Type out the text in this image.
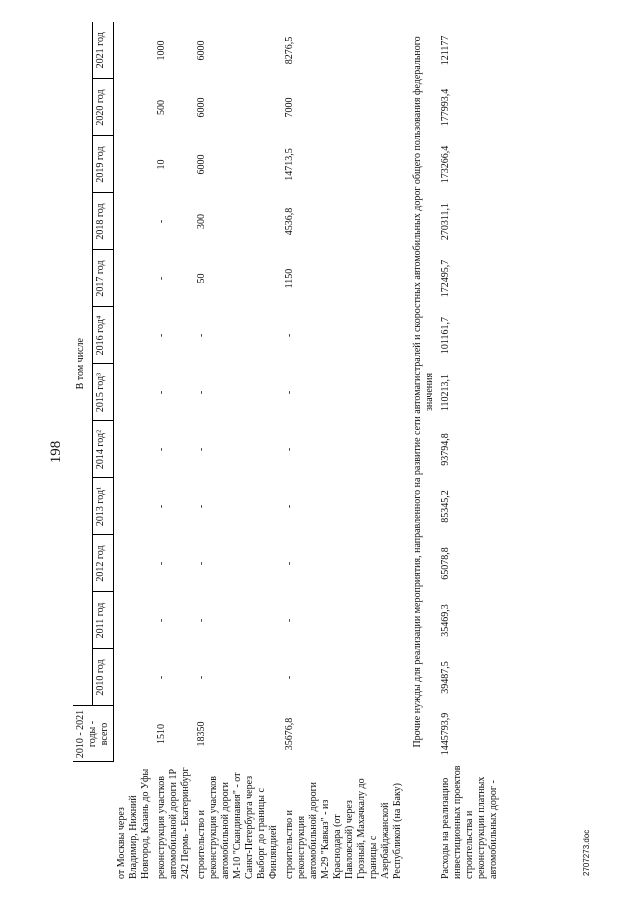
198
	2010 - 2021 годы - всего	В том числе											
		2010 год	2011 год	2012 год	2013 год¹	2014 год²	2015 год³	2016 год⁴	2017 год	2018 год	2019 год	2020 год	2021 год
от Москвы через Владимир, Нижний Новгород, Казань до Уфы													
реконструкция участков автомобильной дороги 1Р 242 Пермь - Екатеринбург	1510	-	-	-	-	-	-	-	-	-	10	500	1000
строительство и реконструкция участков автомобильной дороги М-10 "Скандинавия" - от Санкт-Петербурга через Выборг до границы с Финляндией	18350	-	-	-	-	-	-	-	50	300	6000	6000	6000
строительство и реконструкция автомобильной дороги М-29 "Кавказ" - из Краснодара (от Павловской) через Грозный, Махачкалу до границы с Азербайджанской Республикой (на Баку)	35676,8	-	-	-	-	-	-	-	1150	4536,8	14713,5	7000	8276,5
	Прочие нужды для реализации мероприятия, направленного на развитие сети автомагистралей и скоростных автомобильных дорог общего пользования федерального значения												
Расходы на реализацию инвестиционных проектов строительства и реконструкции платных автомобильных дорог -	1445793,9	39487,5	35469,3	65078,8	85345,2	93794,8	110213,1	101161,7	172495,7	270311,1	173266,4	177993,4	121177
2707273.doc
